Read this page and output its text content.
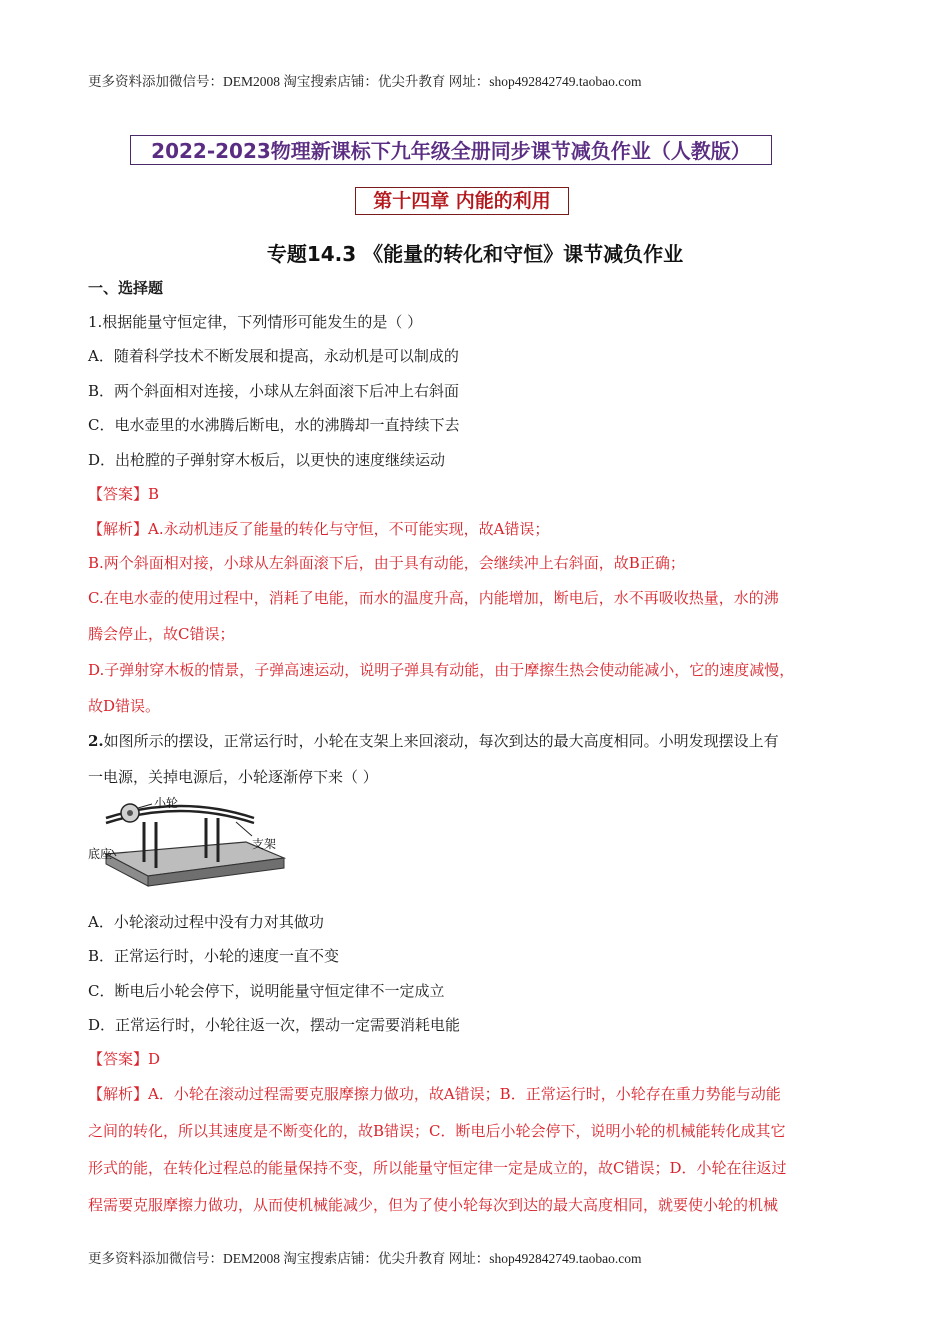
更多资料添加微信号：DEM2008 淘宝搜索店铺：优尖升教育 网址：shop492842749.taobao.com
2022-2023物理新课标下九年级全册同步课节减负作业（人教版）
第十四章 内能的利用
专题14.3 《能量的转化和守恒》课节减负作业
一、选择题
1.根据能量守恒定律，下列情形可能发生的是（ ）
A．随着科学技术不断发展和提高，永动机是可以制成的
B．两个斜面相对连接，小球从左斜面滚下后冲上右斜面
C．电水壶里的水沸腾后断电，水的沸腾却一直持续下去
D．出枪膛的子弹射穿木板后，以更快的速度继续运动
【答案】B
【解析】A.永动机违反了能量的转化与守恒，不可能实现，故A错误；
B.两个斜面相对接，小球从左斜面滚下后，由于具有动能，会继续冲上右斜面，故B正确；
C.在电水壶的使用过程中，消耗了电能，而水的温度升高，内能增加，断电后，水不再吸收热量，水的沸
腾会停止，故C错误；
D.子弹射穿木板的情景，子弹高速运动，说明子弹具有动能，由于摩擦生热会使动能减小，它的速度减慢，
故D错误。
2.如图所示的摆设，正常运行时，小轮在支架上来回滚动，每次到达的最大高度相同。小明发现摆设上有
一电源，关掉电源后，小轮逐渐停下来（ ）
小轮
支架
底座
A．小轮滚动过程中没有力对其做功
B．正常运行时，小轮的速度一直不变
C．断电后小轮会停下，说明能量守恒定律不一定成立
D．正常运行时，小轮往返一次，摆动一定需要消耗电能
【答案】D
【解析】A．小轮在滚动过程需要克服摩擦力做功，故A错误；B．正常运行时，小轮存在重力势能与动能
之间的转化，所以其速度是不断变化的，故B错误；C．断电后小轮会停下，说明小轮的机械能转化成其它
形式的能，在转化过程总的能量保持不变，所以能量守恒定律一定是成立的，故C错误；D．小轮在往返过
程需要克服摩擦力做功，从而使机械能减少，但为了使小轮每次到达的最大高度相同，就要使小轮的机械
更多资料添加微信号：DEM2008 淘宝搜索店铺：优尖升教育 网址：shop492842749.taobao.com
